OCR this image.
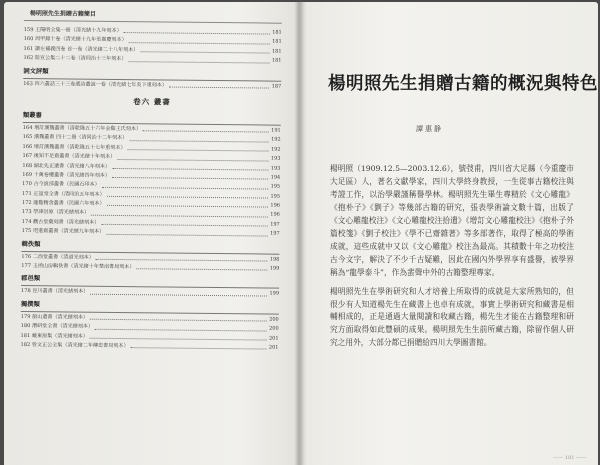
楊明照先生捐贈古籍簡目
159 王陽明全集一冊（清光緒十九年刻本）	181
160 周甲錄十卷（清光緒十九年至嘉慶刻本）	181
161 讀左補義四卷 首一卷（清光緒二十八年刻本）	181
162 陸宣公集二十二卷（清同治十三年刻本）	181
詞文評類
163 四六叢話三十三卷選詩叢說一卷（清光緒七年吳下重刻本）	187
卷六 叢書
類叢書
164 增訂漢魏叢書（清乾隆五十六年金谿王氏刻本）	191
165 漢魏叢書 四十二冊（清同治十二年刻本）	192
166 增訂漢魏叢書（清乾隆五十七年重刻本）	192
167 後知不足齋叢書（清光緒十年刻本）	193
168 湖北先正遺書（清光緒八年刻本）	193
169 十萬卷樓叢書（清光緒四年刻本）	194
170 古今說部叢書（民國石印本）	195
171 正誼堂全書（清同治五年刻本）	195
172 龍谿精舍叢書（民國六年刻本）	196
173 學津討原（清光緒刻本）	196
174 觀古堂彙刻書（清光緒刻本）	197
175 咫進齋叢書（清光緒九年刻本）	197
輯佚類
176 二酉堂叢書（清道光刻本）	198
177 玉函山房輯佚書（清光緒十年楚南書局刻本）	199
郡邑類
178 涇川叢書（清光緒刻本）	199
獨撰類
179 船山遺書（清光緒刻本）	200
180 潛研堂全書（清光緒刻本）	200
181 戴東原集（清光緒刻本）	201
182 曾文正公全集（清光緒二年傳忠書局刻本）	201
楊明照先生捐贈古籍的概況與特色
譚惠静

楊明照（1909.12.5—2003.12.6），號弢甫，四川省大足縣（今重慶市大足區）人，著名文獻學家，四川大學終身教授，一生從事古籍校注與考證工作，以治學嚴謹稱譽學林。楊明照先生畢生專精於《文心雕龍》《抱朴子》《劉子》等幾部古籍的研究，張表學術論文數十篇，出版了《文心雕龍校注》《文心雕龍校注拾遺》《增訂文心雕龍校注》《抱朴子外篇校箋》《劉子校注》《學不已齋雜著》等多部著作，取得了極高的學術成就，這些成就中又以《文心雕龍》校注為最高。其積數十年之功校注古今文字，解決了不少千古疑難，因此在國內外學界享有盛譽，被學界稱為“龍學泰斗”，作為蜚聲中外的古籍整理專家。

楊明照先生在學術研究和人才培養上所取得的成就是大家所熟知的，但很少有人知道楊先生在藏書上也卓有成就，事實上學術研究和藏書是相輔相成的，正是通過大量閱讀和收藏古籍，楊先生才能在古籍整理和研究方面取得如此豐碩的成果。楊明照先生生前所藏古籍，除留作個人研究之用外，大部分都已捐贈給四川大學圖書館。

—— 181 ——
